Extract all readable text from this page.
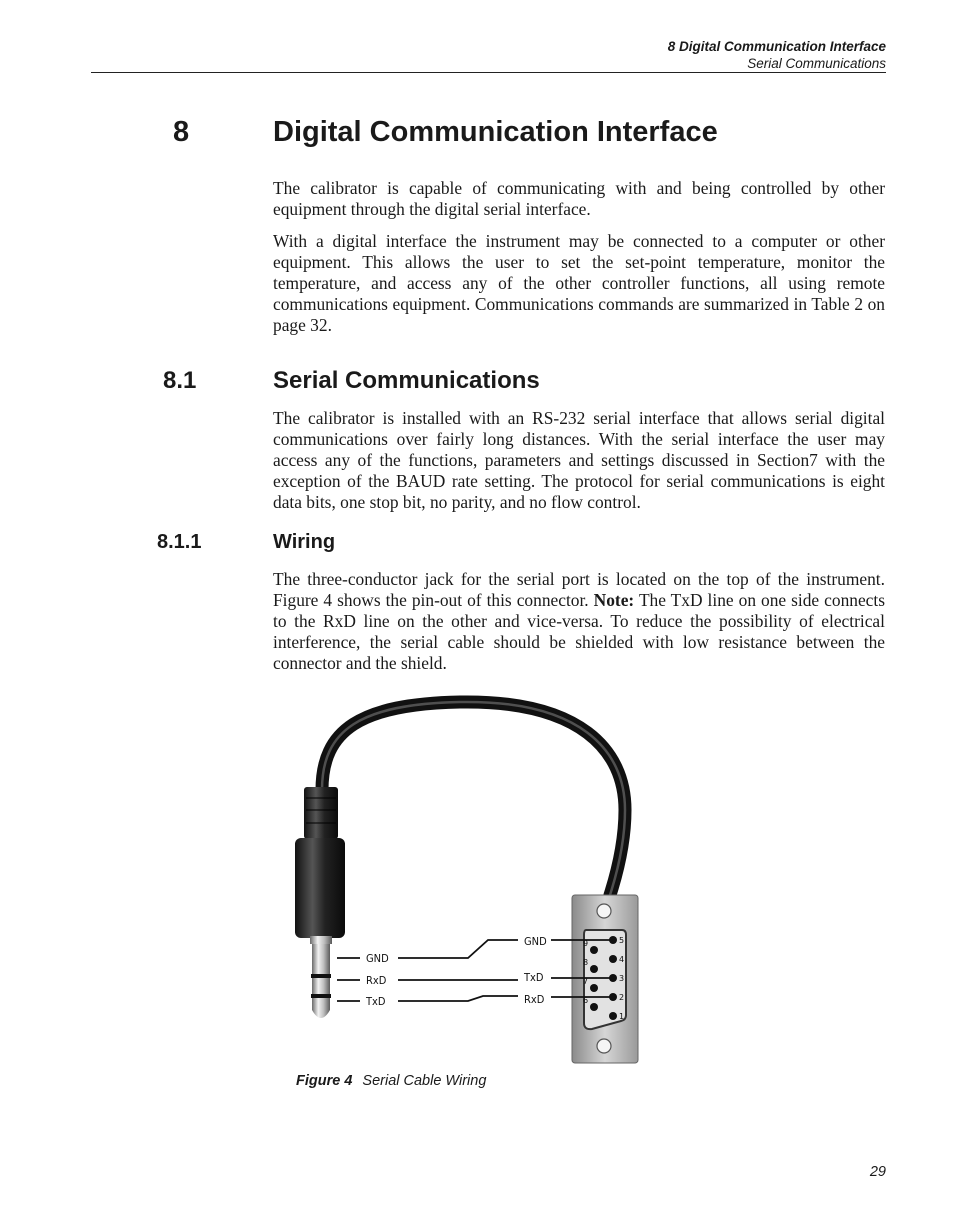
8 Digital Communication Interface
Serial Communications
8	Digital Communication Interface

The calibrator is capable of communicating with and being controlled by other equipment through the digital serial interface.

With a digital interface the instrument may be connected to a computer or other equipment. This allows the user to set the set-point temperature, monitor the temperature, and access any of the other controller functions, all using remote communications equipment. Communications commands are summarized in Table 2 on page 32.

8.1	Serial Communications

The calibrator is installed with an RS-232 serial interface that allows serial digital communications over fairly long distances. With the serial interface the user may access any of the functions, parameters and settings discussed in Section7 with the exception of the BAUD rate setting. The protocol for serial communications is eight data bits, one stop bit, no parity, and no flow control.

8.1.1	Wiring

The three-conductor jack for the serial port is located on the top of the instrument. Figure 4 shows the pin-out of this connector. Note: The TxD line on one side connects to the RxD line on the other and vice-versa. To reduce the possibility of electrical interference, the serial cable should be shielded with low resistance between the connector and the shield.

GND
RxD
TxD
GND
TxD
RxD
5
4
3
2
1
9
8
7
6
Figure 4 Serial Cable Wiring
29
